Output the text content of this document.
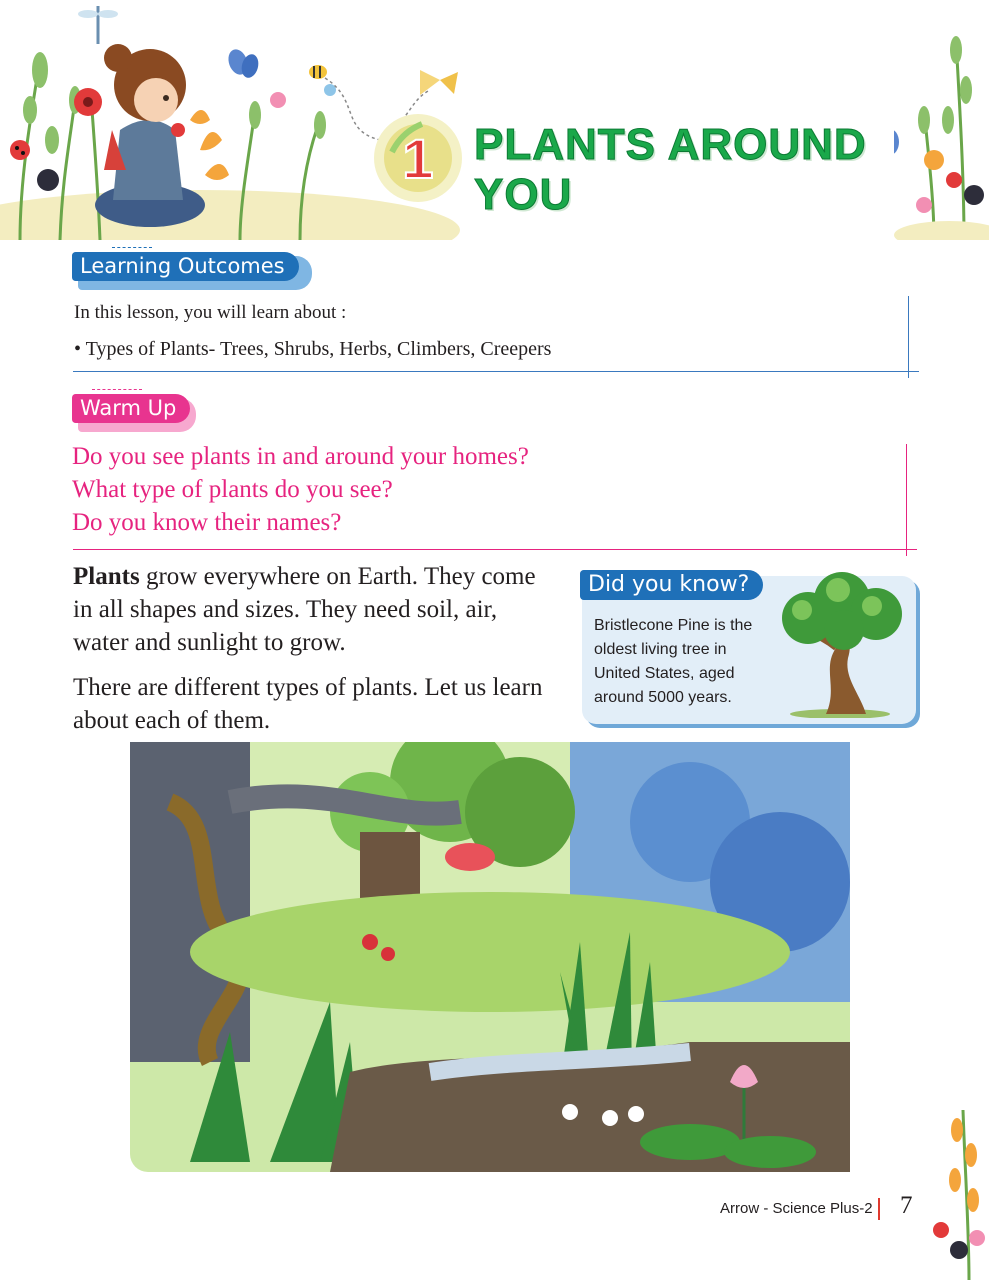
1 PLANTS AROUND YOU
Learning Outcomes
In this lesson, you will learn about :
• Types of Plants- Trees, Shrubs, Herbs, Climbers, Creepers
Warm Up
Do you see plants in and around your homes?
What type of plants do you see?
Do you know their names?

Plants grow everywhere on Earth. They come in all shapes and sizes. They need soil, air, water and sunlight to grow.

There are different types of plants. Let us learn about each of them.

Did you know?
Bristlecone Pine is the oldest living tree in United States, aged around 5000 years.
Arrow - Science Plus-2 7
